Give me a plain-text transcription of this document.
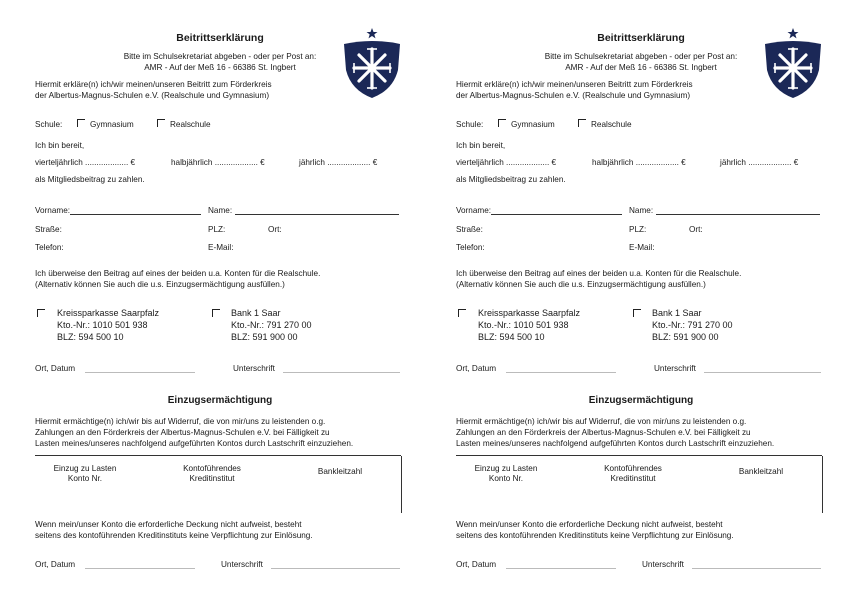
Beitrittserklärung
Bitte im Schulsekretariat abgeben - oder per Post an:
AMR - Auf der Meß 16 - 66386 St. Ingbert
Hiermit erkläre(n) ich/wir meinen/unseren Beitritt zum Förderkreis
der Albertus-Magnus-Schulen e.V. (Realschule und Gymnasium)
Schule:	Gymnasium	Realschule
Ich bin bereit,
vierteljährlich ................... €	halbjährlich ................... €	jährlich ................... €
als Mitgliedsbeitrag zu zahlen.
Vorname:	Name:
Straße:	PLZ:	Ort:
Telefon:	E-Mail:
Ich überweise den Beitrag auf eines der beiden u.a. Konten für die Realschule.
(Alternativ können Sie auch die u.s. Einzugsermächtigung ausfüllen.)
Kreissparkasse Saarpfalz
Kto.-Nr.: 1010 501 938
BLZ: 594 500 10
Bank 1 Saar
Kto.-Nr.: 791 270 00
BLZ: 591 900 00
Ort, Datum	Unterschrift
Einzugsermächtigung
Hiermit ermächtige(n) ich/wir bis auf Widerruf, die von mir/uns zu leistenden o.g.
Zahlungen an den Förderkreis der Albertus-Magnus-Schulen e.V. bei Fälligkeit zu
Lasten meines/unseres nachfolgend aufgeführten Kontos durch Lastschrift einzuziehen.
Einzug zu Lasten
Konto Nr.
Kontoführendes
Kreditinstitut
Bankleitzahl
Wenn mein/unser Konto die erforderliche Deckung nicht aufweist, besteht
seitens des kontoführenden Kreditinstituts keine Verpflichtung zur Einlösung.
Ort, Datum	Unterschrift
Beitrittserklärung
Bitte im Schulsekretariat abgeben - oder per Post an:
AMR - Auf der Meß 16 - 66386 St. Ingbert
Hiermit erkläre(n) ich/wir meinen/unseren Beitritt zum Förderkreis
der Albertus-Magnus-Schulen e.V. (Realschule und Gymnasium)
Schule:	Gymnasium	Realschule
Ich bin bereit,
vierteljährlich ................... €	halbjährlich ................... €	jährlich ................... €
als Mitgliedsbeitrag zu zahlen.
Vorname:	Name:
Straße:	PLZ:	Ort:
Telefon:	E-Mail:
Ich überweise den Beitrag auf eines der beiden u.a. Konten für die Realschule.
(Alternativ können Sie auch die u.s. Einzugsermächtigung ausfüllen.)
Kreissparkasse Saarpfalz
Kto.-Nr.: 1010 501 938
BLZ: 594 500 10
Bank 1 Saar
Kto.-Nr.: 791 270 00
BLZ: 591 900 00
Ort, Datum	Unterschrift
Einzugsermächtigung
Hiermit ermächtige(n) ich/wir bis auf Widerruf, die von mir/uns zu leistenden o.g.
Zahlungen an den Förderkreis der Albertus-Magnus-Schulen e.V. bei Fälligkeit zu
Lasten meines/unseres nachfolgend aufgeführten Kontos durch Lastschrift einzuziehen.
Einzug zu Lasten
Konto Nr.
Kontoführendes
Kreditinstitut
Bankleitzahl
Wenn mein/unser Konto die erforderliche Deckung nicht aufweist, besteht
seitens des kontoführenden Kreditinstituts keine Verpflichtung zur Einlösung.
Ort, Datum	Unterschrift
